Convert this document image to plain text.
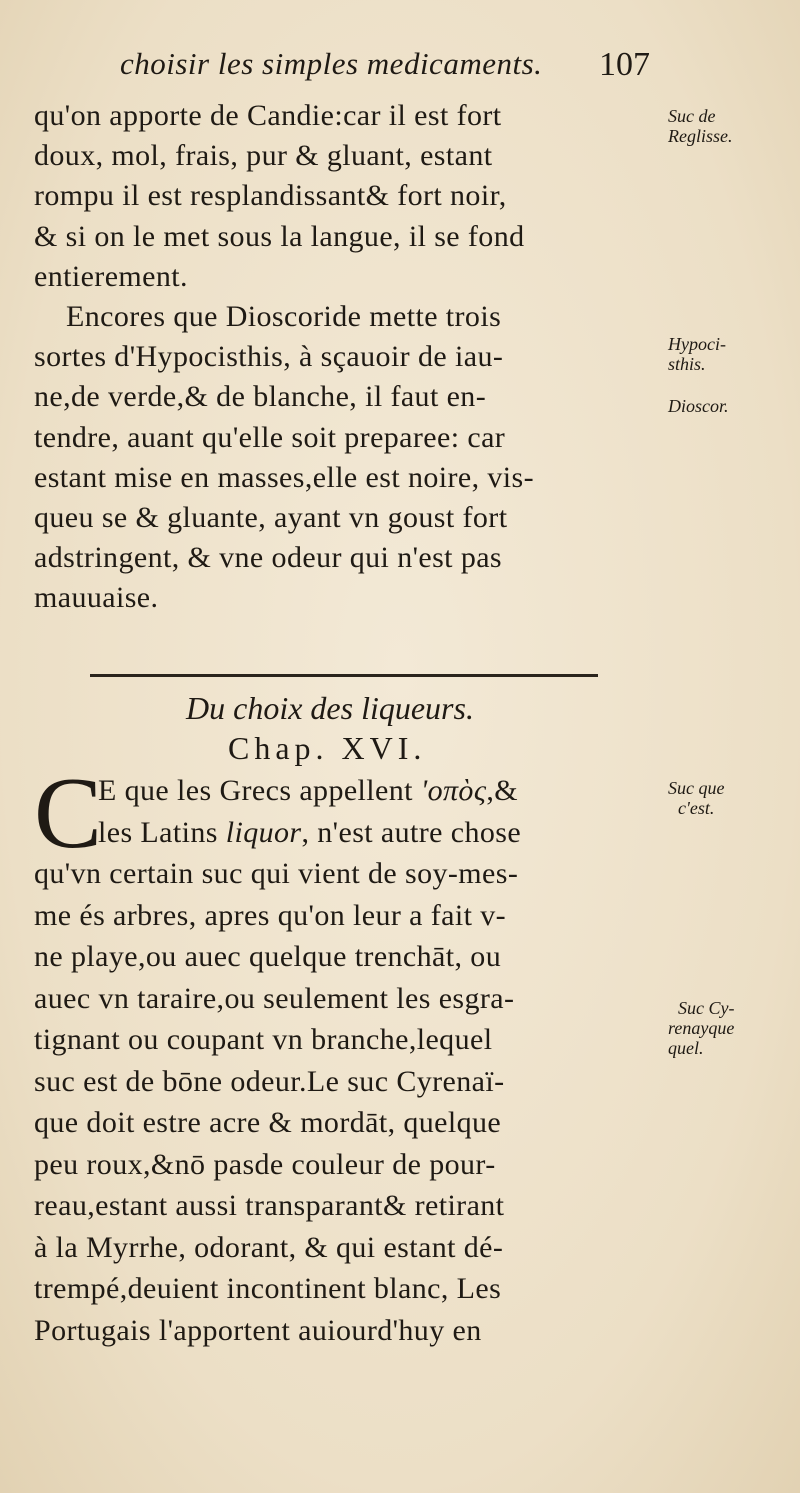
choisir les simples medicaments. 107
qu'on apporte de Candie:car il est fort
doux, mol, frais, pur & gluant, estant
rompu il est resplandissant& fort noir,
& si on le met sous la langue, il se fond
entierement.
Encores que Dioscoride mette trois
sortes d'Hypocisthis, à sçauoir de iau-
ne,de verde,& de blanche, il faut en-
tendre, auant qu'elle soit preparee: car
estant mise en masses,elle est noire, vis-
queu se & gluante, ayant vn goust fort
adstringent, & vne odeur qui n'est pas
mauuaise.
Suc de
Reglisse.
Hypoci-
sthis.
Dioscor.
Du choix des liqueurs.
Chap. XVI.
C
E que les Grecs appellent 'οπὸς,&
les Latins liquor, n'est autre chose
qu'vn certain suc qui vient de soy-mes-
me és arbres, apres qu'on leur a fait v-
ne playe,ou auec quelque trenchāt, ou
auec vn taraire,ou seulement les esgra-
tignant ou coupant vn branche,lequel
suc est de bōne odeur.Le suc Cyrenaï-
que doit estre acre & mordāt, quelque
peu roux,&nō pasde couleur de pour-
reau,estant aussi transparant& retirant
à la Myrrhe, odorant, & qui estant dé-
trempé,deuient incontinent blanc, Les
Portugais l'apportent auiourd'huy en
Suc que
c'est.
Suc Cy-
renayque
quel.
